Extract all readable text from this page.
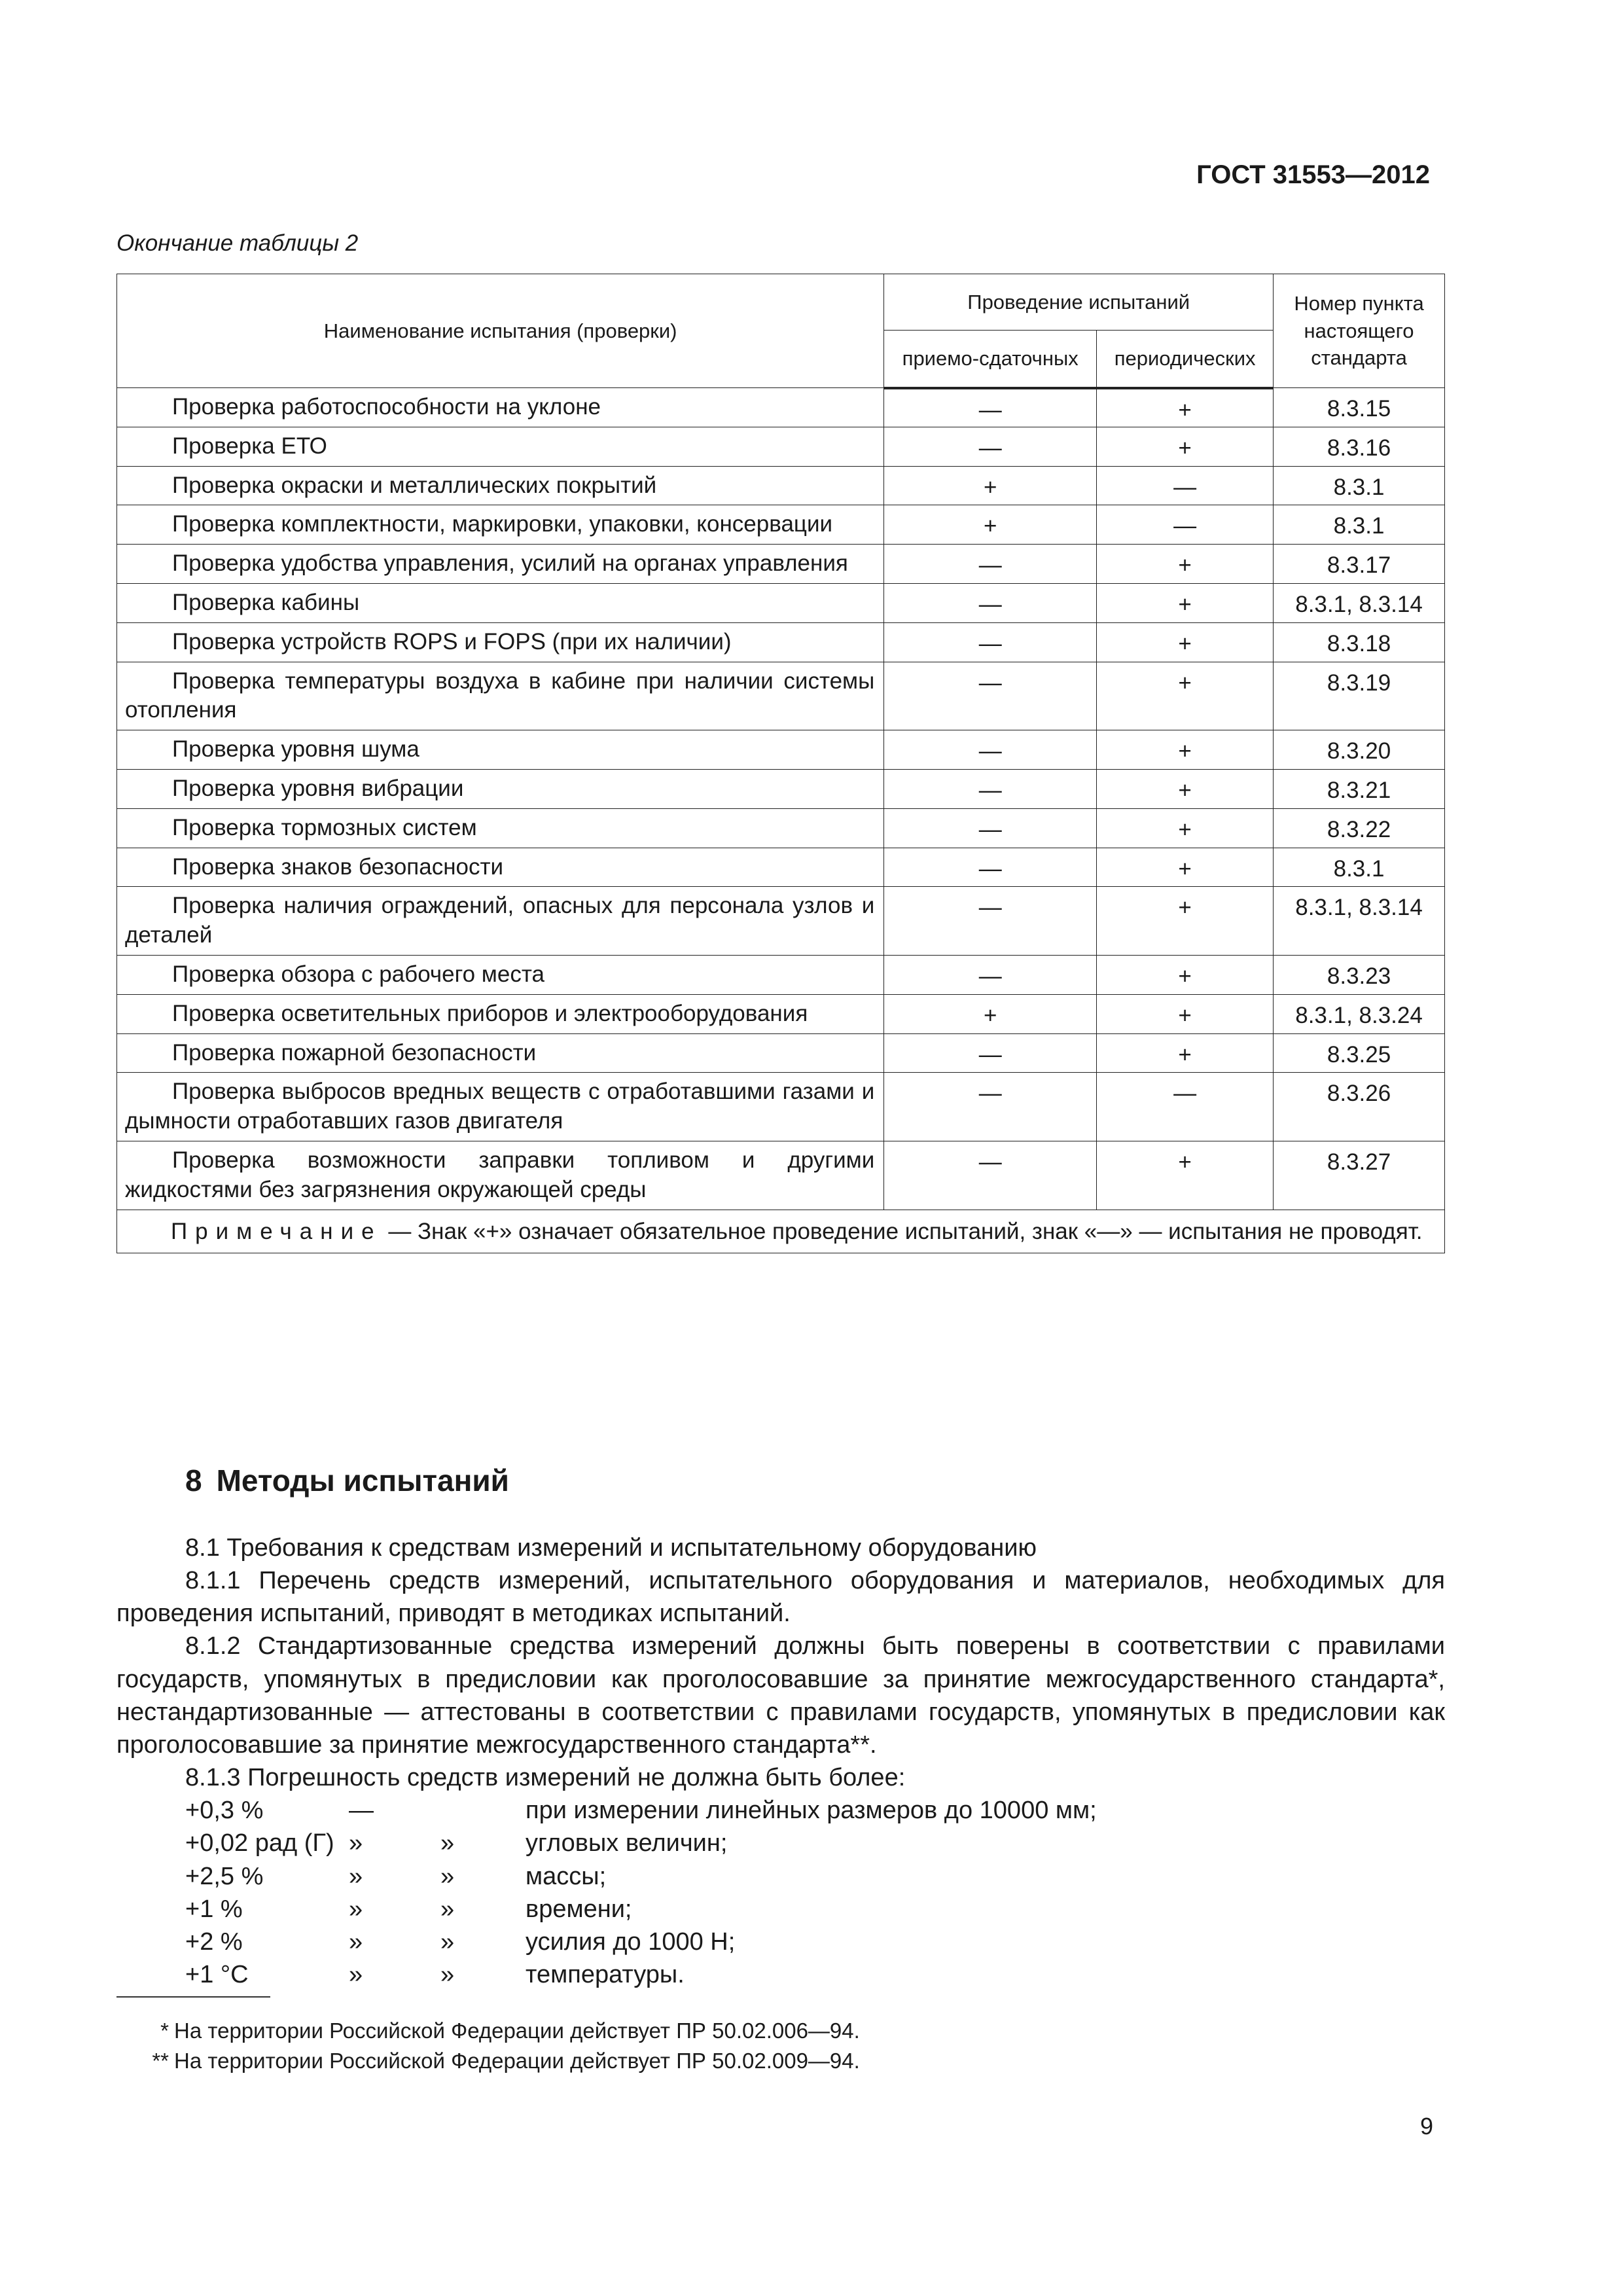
ГОСТ 31553—2012
Окончание таблицы 2
Наименование испытания (проверки)	Проведение испытаний		Номер пункта настоящего стандарта
	приемо-сдаточных	периодических	
Проверка работоспособности на уклоне	—	+	8.3.15
Проверка ЕТО	—	+	8.3.16
Проверка окраски и металлических покрытий	+	—	8.3.1
Проверка комплектности, маркировки, упаковки, консервации	+	—	8.3.1
Проверка удобства управления, усилий на органах управления	—	+	8.3.17
Проверка кабины	—	+	8.3.1, 8.3.14
Проверка устройств ROPS и FOPS (при их наличии)	—	+	8.3.18
Проверка температуры воздуха в кабине при наличии системы отопления	—	+	8.3.19
Проверка уровня шума	—	+	8.3.20
Проверка уровня вибрации	—	+	8.3.21
Проверка тормозных систем	—	+	8.3.22
Проверка знаков безопасности	—	+	8.3.1
Проверка наличия ограждений, опасных для персонала узлов и деталей	—	+	8.3.1, 8.3.14
Проверка обзора с рабочего места	—	+	8.3.23
Проверка осветительных приборов и электрооборудования	+	+	8.3.1, 8.3.24
Проверка пожарной безопасности	—	+	8.3.25
Проверка выбросов вредных веществ с отработавшими газами и дымности отработавших газов двигателя	—	—	8.3.26
Проверка возможности заправки топливом и другими жидкостями без загрязнения окружающей среды	—	+	8.3.27
Примечание — Знак «+» означает обязательное проведение испытаний, знак «—» — испытания не проводят.			
8 Методы испытаний

8.1 Требования к средствам измерений и испытательному оборудованию

8.1.1 Перечень средств измерений, испытательного оборудования и материалов, необходимых для проведения испытаний, приводят в методиках испытаний.

8.1.2 Стандартизованные средства измерений должны быть поверены в соответствии с правилами государств, упомянутых в предисловии как проголосовавшие за принятие межгосударственного стандарта*, нестандартизованные — аттестованы в соответствии с правилами государств, упомянутых в предисловии как проголосовавшие за принятие межгосударственного стандарта**.

8.1.3 Погрешность средств измерений не должна быть более:

+0,3 %	—	при измерении линейных размеров до 10000 мм;
+0,02 рад (Г) »	»	угловых величин;
+2,5 %	»	»	массы;
+1 %	»	»	времени;
+2 %	»	»	усилия до 1000 Н;
+1 °С	»	»	температуры.
* На территории Российской Федерации действует ПР 50.02.006—94.
** На территории Российской Федерации действует ПР 50.02.009—94.
9
